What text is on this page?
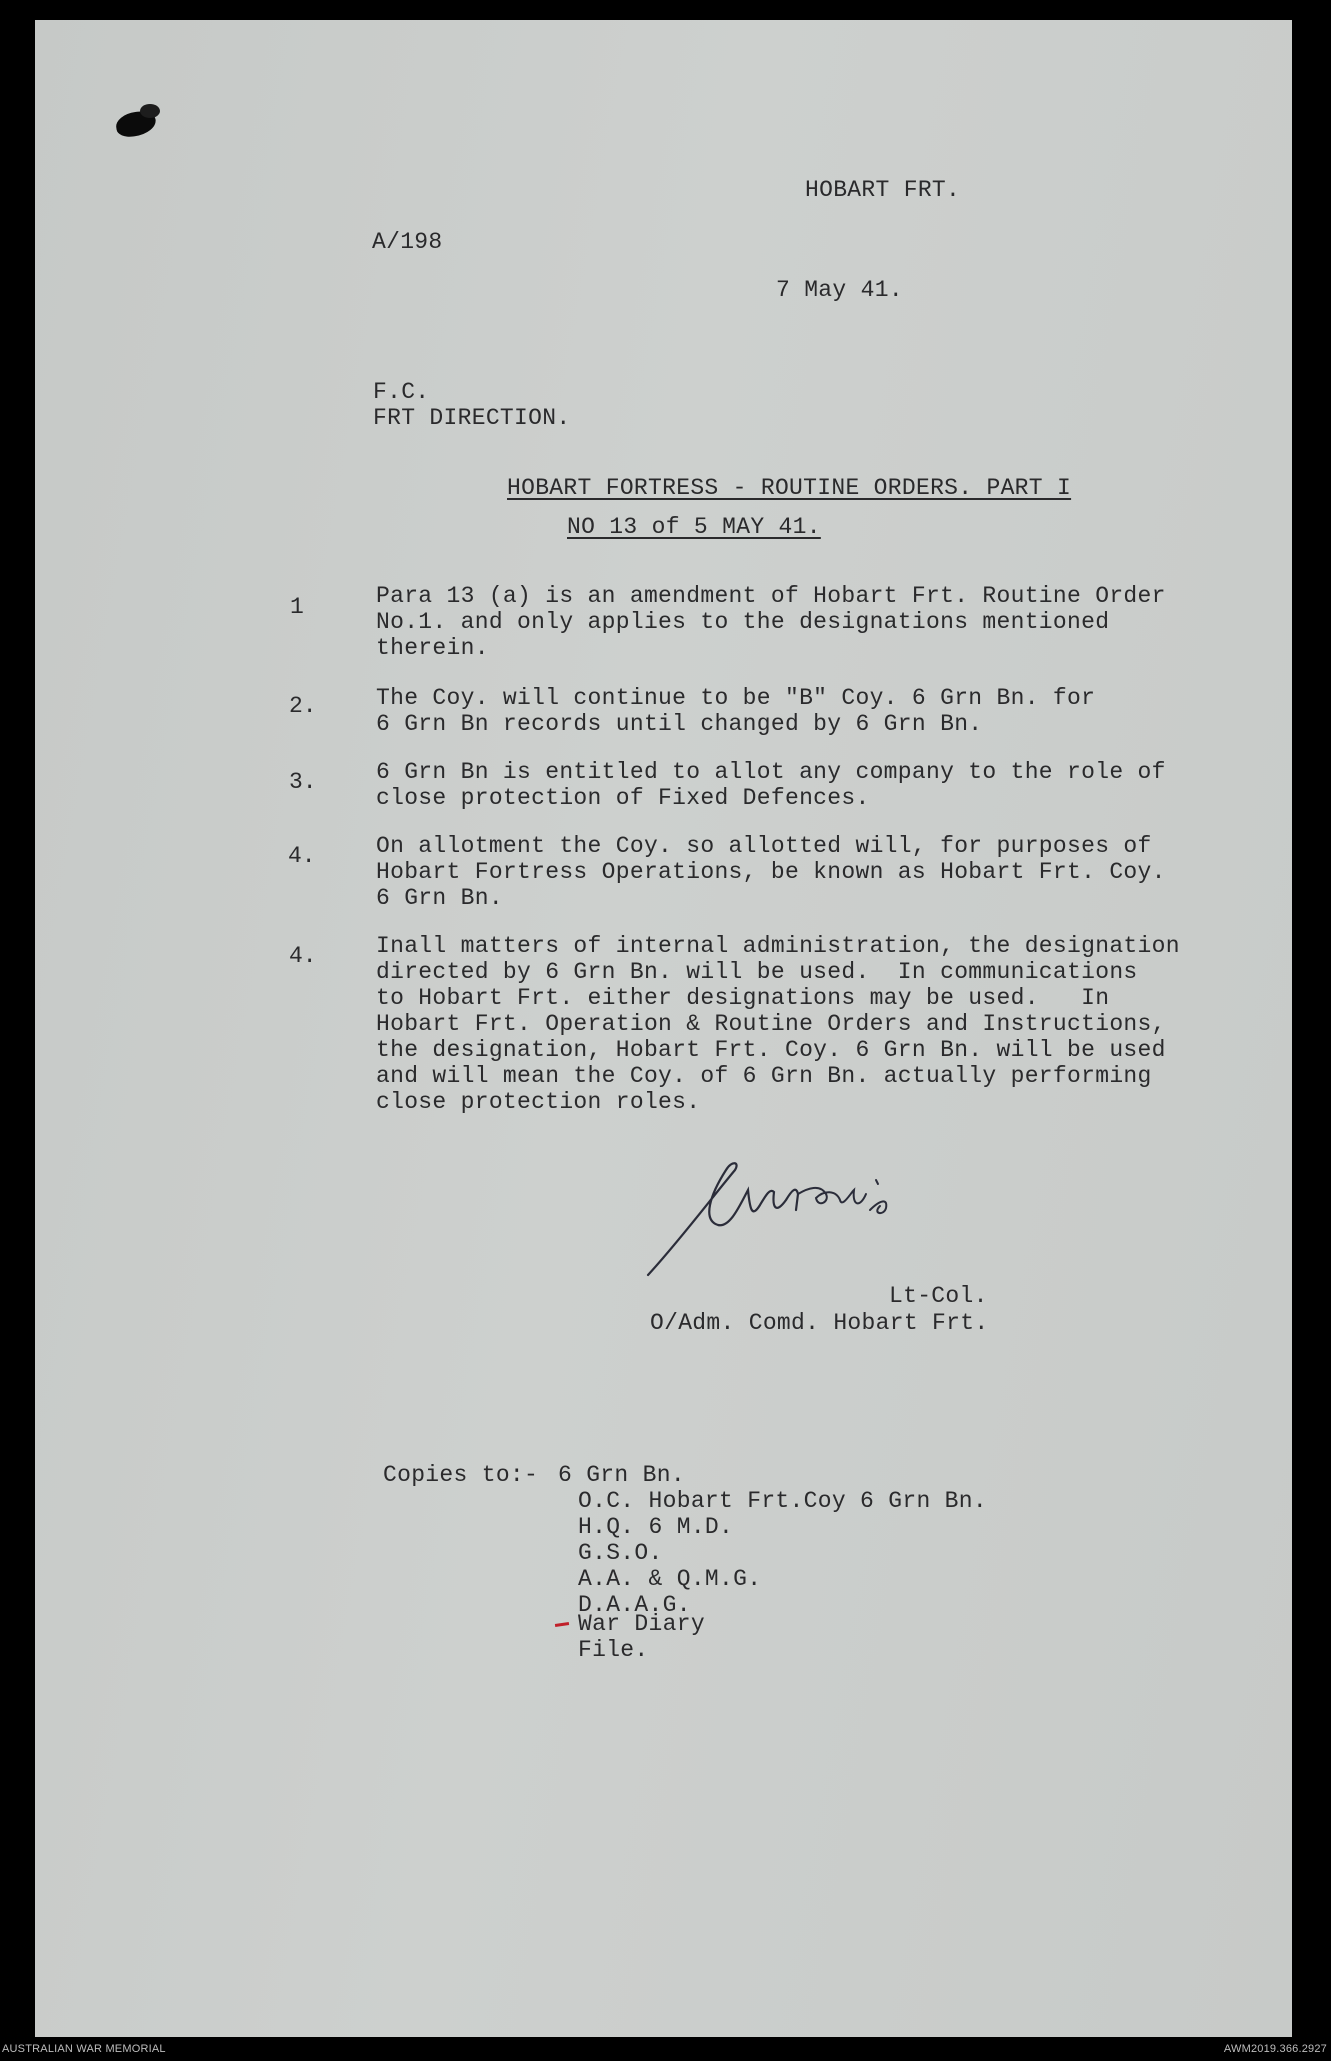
HOBART FRT.
A/198
7 May 41.
F.C.
FRT DIRECTION.
HOBART FORTRESS - ROUTINE ORDERS. PART I
NO 13 of 5 MAY 41.
1	Para 13 (a) is an amendment of Hobart Frt. Routine Order
No.1. and only applies to the designations mentioned
therein.
2.	The Coy. will continue to be "B" Coy. 6 Grn Bn. for
6 Grn Bn records until changed by 6 Grn Bn.
3.	6 Grn Bn is entitled to allot any company to the role of
close protection of Fixed Defences.
4.	On allotment the Coy. so allotted will, for purposes of
Hobart Fortress Operations, be known as Hobart Frt. Coy.
6 Grn Bn.
4.	Inall matters of internal administration, the designation
directed by 6 Grn Bn. will be used.  In communications
to Hobart Frt. either designations may be used.   In
Hobart Frt. Operation & Routine Orders and Instructions,
the designation, Hobart Frt. Coy. 6 Grn Bn. will be used
and will mean the Coy. of 6 Grn Bn. actually performing
close protection roles.
Lt-Col.
O/Adm. Comd. Hobart Frt.
Copies to:- 6 Grn Bn.
O.C. Hobart Frt.Coy 6 Grn Bn.
H.Q. 6 M.D.
G.S.O.
A.A. & Q.M.G.
D.A.A.G.
War Diary
File.
AUSTRALIAN WAR MEMORIAL	AWM2019.366.2927
